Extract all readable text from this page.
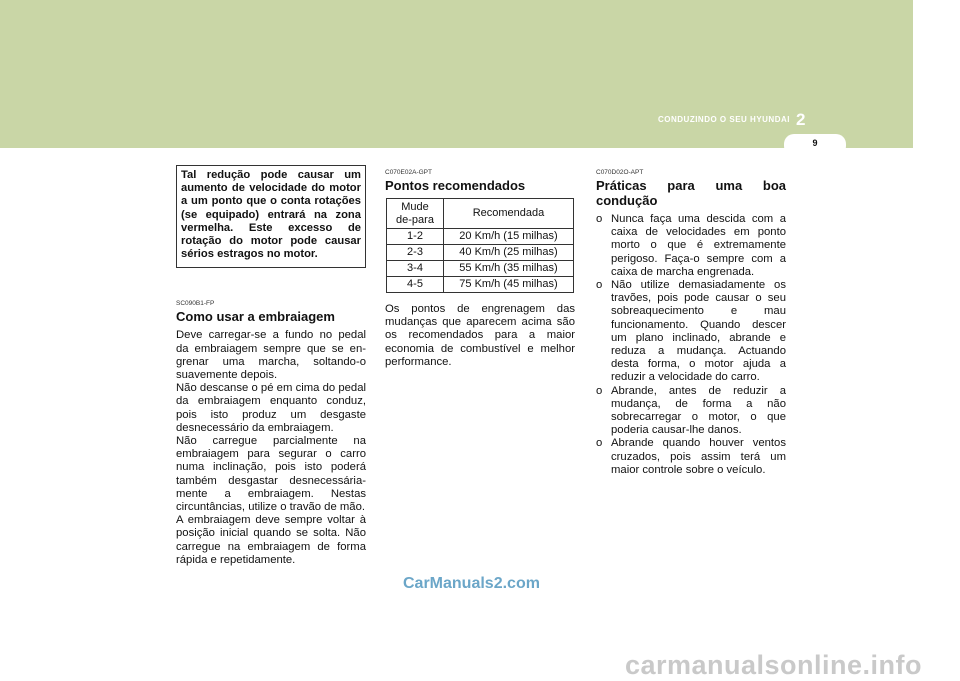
CONDUZINDO O SEU HYUNDAI 2
9
Tal redução pode causar um aumento de velocidade do motor a um ponto que o conta rotações (se equipado) entrará na zona vermelha. Este excesso de rotação do motor pode causar sérios estragos no motor.
SC090B1-FP
Como usar a embraiagem

Deve carregar-se a fundo no pedal da embraiagem sempre que se en-grenar uma marcha, soltando-o suavemente depois.

Não descanse o pé em cima do pedal da embraiagem enquanto conduz, pois isto produz um desgaste desnecessário da embraiagem.

Não carregue parcialmente na embraiagem para segurar o carro numa inclinação, pois isto poderá também desgastar desnecessária-mente a embraiagem. Nestas circuntâncias, utilize o travão de mão.

A embraiagem deve sempre voltar à posição inicial quando se solta. Não carregue na embraiagem de forma rápida e repetidamente.

C070E02A-GPT
Pontos recomendados
Mude
de-para	Recomendada
1-2	20 Km/h (15 milhas)
2-3	40 Km/h (25 milhas)
3-4	55 Km/h (35 milhas)
4-5	75 Km/h (45 milhas)

Os pontos de engrenagem das mudanças que aparecem acima são os recomendados para a maior economia de combustível e melhor performance.

C070D02O-APT
Práticas para uma boa condução
o Nunca faça uma descida com a caixa de velocidades em ponto morto o que é extremamente perigoso. Faça-o sempre com a caixa de marcha engrenada.
o Não utilize demasiadamente os travões, pois pode causar o seu sobreaquecimento e mau funcionamento. Quando descer um plano inclinado, abrande e reduza a mudança. Actuando desta forma, o motor ajuda a reduzir a velocidade do carro.
o Abrande, antes de reduzir a mudança, de forma a não sobrecarregar o motor, o que poderia causar-lhe danos.
o Abrande quando houver ventos cruzados, pois assim terá um maior controle sobre o veículo.
CarManuals2.com
carmanualsonline.info
